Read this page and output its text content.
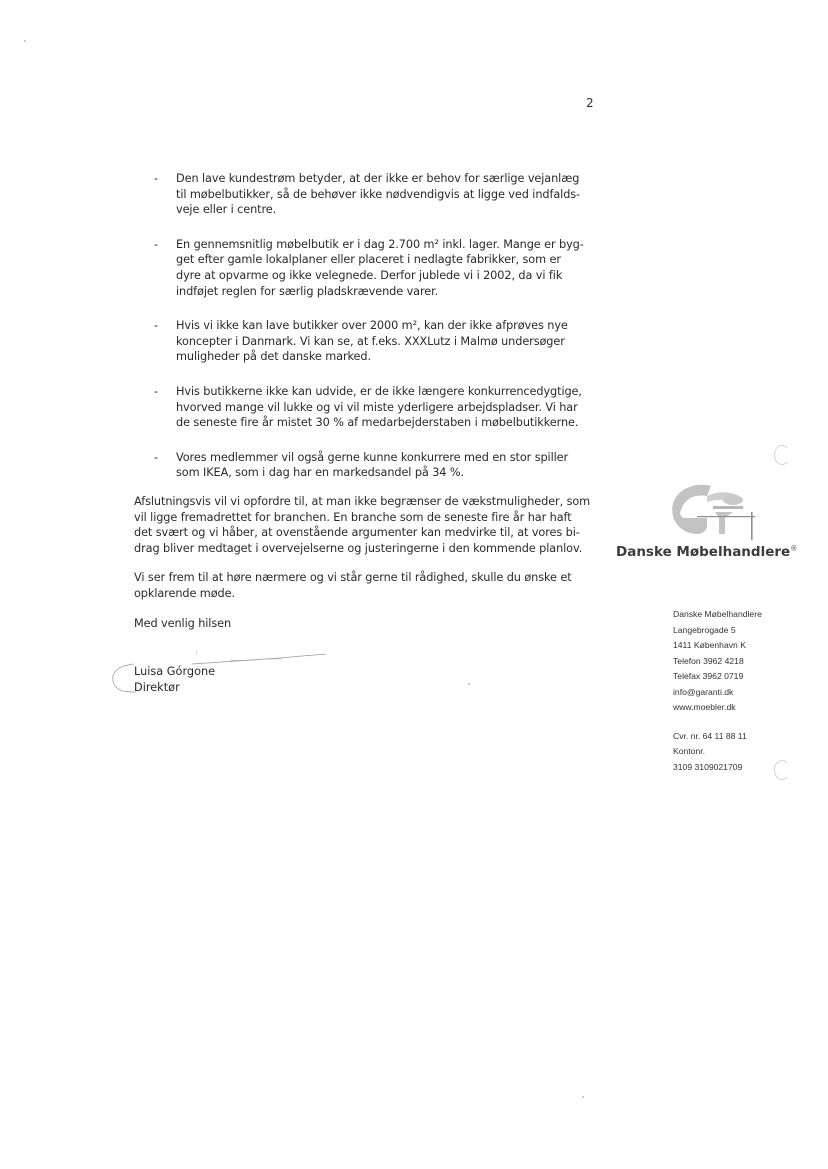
2
- Den lave kundestrøm betyder, at der ikke er behov for særlige vejanlæg
til møbelbutikker, så de behøver ikke nødvendigvis at ligge ved indfalds-
veje eller i centre.
- En gennemsnitlig møbelbutik er i dag 2.700 m² inkl. lager. Mange er byg-
get efter gamle lokalplaner eller placeret i nedlagte fabrikker, som er
dyre at opvarme og ikke velegnede. Derfor jublede vi i 2002, da vi fik
indføjet reglen for særlig pladskrævende varer.
- Hvis vi ikke kan lave butikker over 2000 m², kan der ikke afprøves nye
koncepter i Danmark. Vi kan se, at f.eks. XXXLutz i Malmø undersøger
muligheder på det danske marked.
- Hvis butikkerne ikke kan udvide, er de ikke længere konkurrencedygtige,
hvorved mange vil lukke og vi vil miste yderligere arbejdspladser. Vi har
de seneste fire år mistet 30 % af medarbejderstaben i møbelbutikkerne.
- Vores medlemmer vil også gerne kunne konkurrere med en stor spiller
som IKEA, som i dag har en markedsandel på 34 %.

Afslutningsvis vil vi opfordre til, at man ikke begrænser de vækstmuligheder, som
vil ligge fremadrettet for branchen. En branche som de seneste fire år har haft
det svært og vi håber, at ovenstående argumenter kan medvirke til, at vores bi-
drag bliver medtaget i overvejelserne og justeringerne i den kommende planlov.

Vi ser frem til at høre nærmere og vi står gerne til rådighed, skulle du ønske et
opklarende møde.

Med venlig hilsen

Luisa Górgone
Direktør
Danske Møbelhandlere®
Danske Møbelhandlere
Langebrogade 5
1411 København K
Telefon 3962 4218
Telefax 3962 0719
info@garanti.dk
www.moebler.dk
Cvr. nr. 64 11 88 11
Kontonr.
3109 3109021709
